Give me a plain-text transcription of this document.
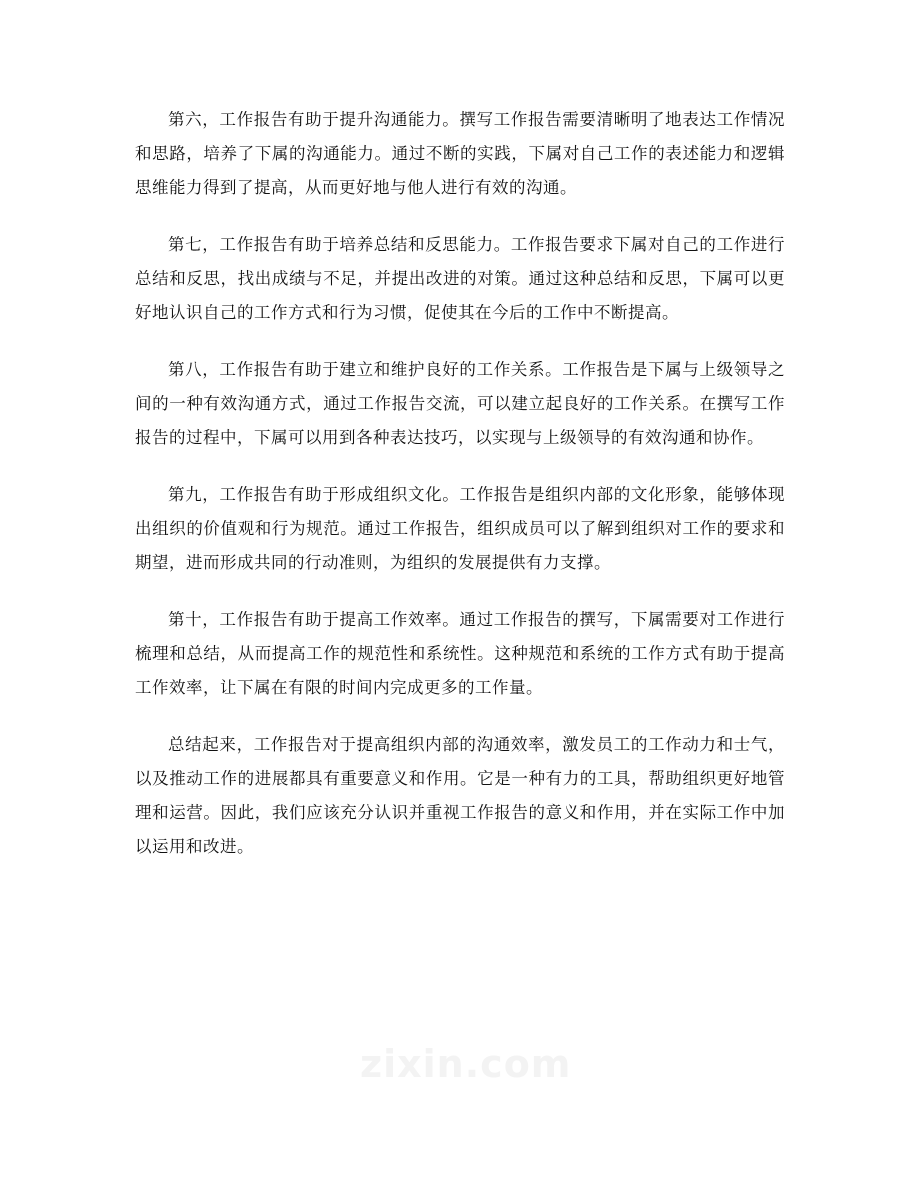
第六，工作报告有助于提升沟通能力。撰写工作报告需要清晰明了地表达工作情况和思路，培养了下属的沟通能力。通过不断的实践，下属对自己工作的表述能力和逻辑思维能力得到了提高，从而更好地与他人进行有效的沟通。

第七，工作报告有助于培养总结和反思能力。工作报告要求下属对自己的工作进行总结和反思，找出成绩与不足，并提出改进的对策。通过这种总结和反思，下属可以更好地认识自己的工作方式和行为习惯，促使其在今后的工作中不断提高。

第八，工作报告有助于建立和维护良好的工作关系。工作报告是下属与上级领导之间的一种有效沟通方式，通过工作报告交流，可以建立起良好的工作关系。在撰写工作报告的过程中，下属可以用到各种表达技巧，以实现与上级领导的有效沟通和协作。

第九，工作报告有助于形成组织文化。工作报告是组织内部的文化形象，能够体现出组织的价值观和行为规范。通过工作报告，组织成员可以了解到组织对工作的要求和期望，进而形成共同的行动准则，为组织的发展提供有力支撑。

第十，工作报告有助于提高工作效率。通过工作报告的撰写，下属需要对工作进行梳理和总结，从而提高工作的规范性和系统性。这种规范和系统的工作方式有助于提高工作效率，让下属在有限的时间内完成更多的工作量。

总结起来，工作报告对于提高组织内部的沟通效率，激发员工的工作动力和士气，以及推动工作的进展都具有重要意义和作用。它是一种有力的工具，帮助组织更好地管理和运营。因此，我们应该充分认识并重视工作报告的意义和作用，并在实际工作中加以运用和改进。

zixin.com
